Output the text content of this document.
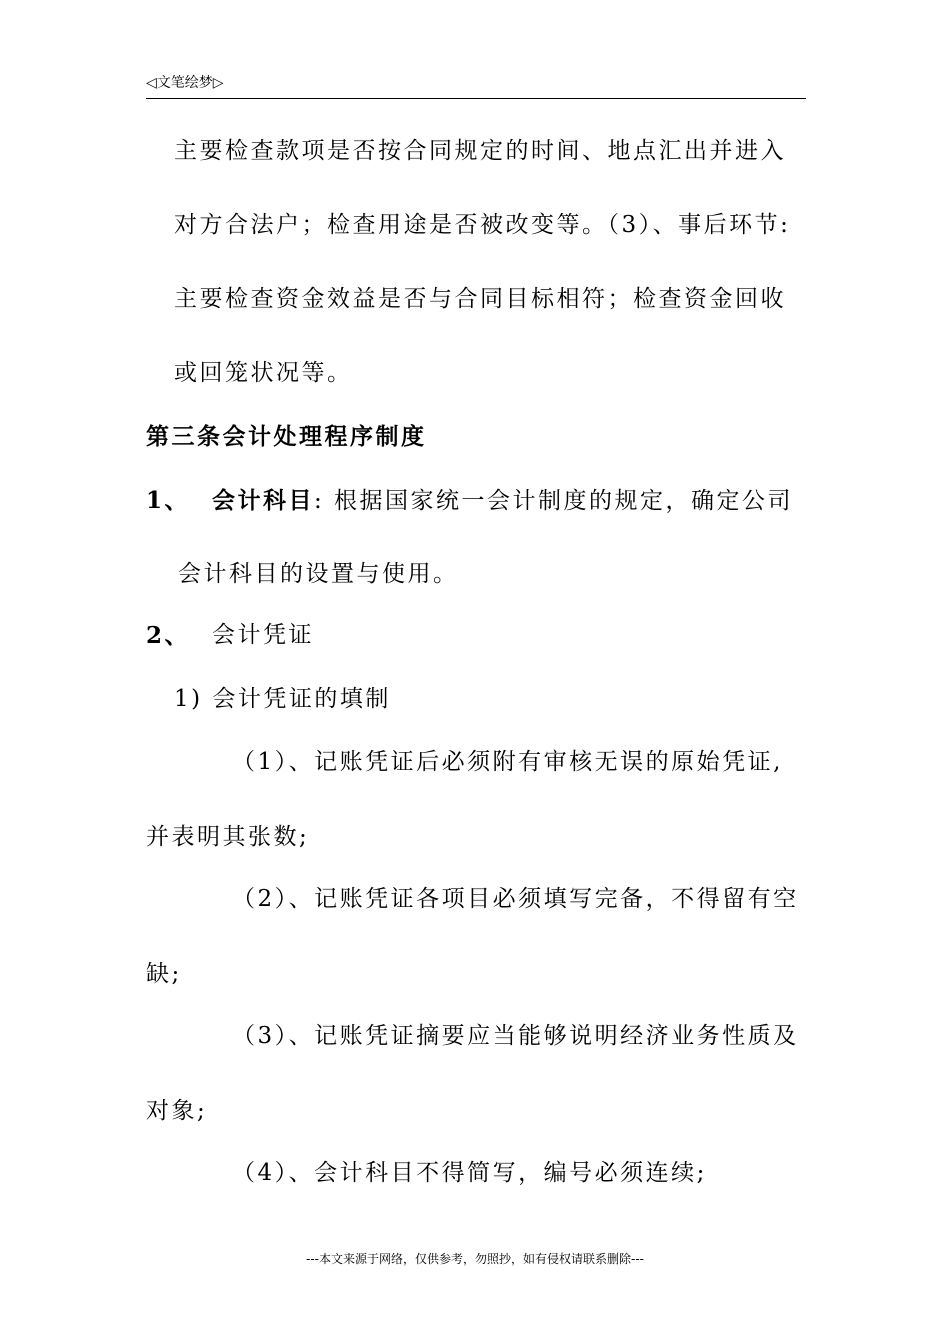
◁文笔绘梦▷
主要检查款项是否按合同规定的时间、地点汇出并进入
对方合法户；检查用途是否被改变等。（3）、事后环节:
主要检查资金效益是否与合同目标相符；检查资金回收
或回笼状况等。
第三条会计处理程序制度
1、 会计科目: 根据国家统一会计制度的规定，确定公司
会计科目的设置与使用。
2、 会计凭证
1) 会计凭证的填制
（1）、记账凭证后必须附有审核无误的原始凭证,
并表明其张数;
（2）、记账凭证各项目必须填写完备，不得留有空
缺;
（3）、记账凭证摘要应当能够说明经济业务性质及
对象;
（4）、会计科目不得简写，编号必须连续;
---本文来源于网络，仅供参考，勿照抄，如有侵权请联系删除---
